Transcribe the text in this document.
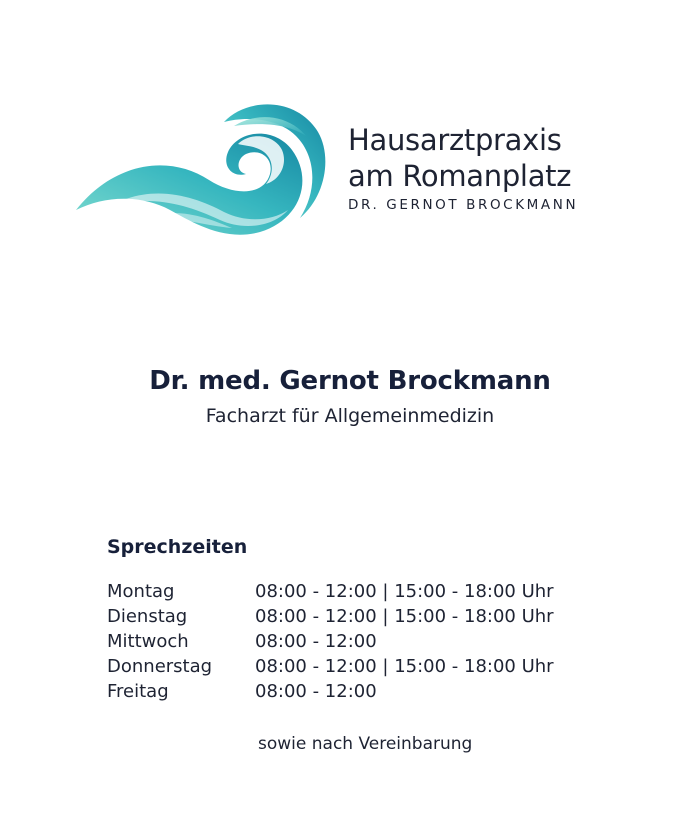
Hausarztpraxis
am Romanplatz
DR. GERNOT BROCKMANN
Dr. med. Gernot Brockmann
Facharzt für Allgemeinmedizin
Sprechzeiten
Montag	08:00 - 12:00 | 15:00 - 18:00 Uhr
Dienstag	08:00 - 12:00 | 15:00 - 18:00 Uhr
Mittwoch	08:00 - 12:00
Donnerstag	08:00 - 12:00 | 15:00 - 18:00 Uhr
Freitag	08:00 - 12:00
sowie nach Vereinbarung
